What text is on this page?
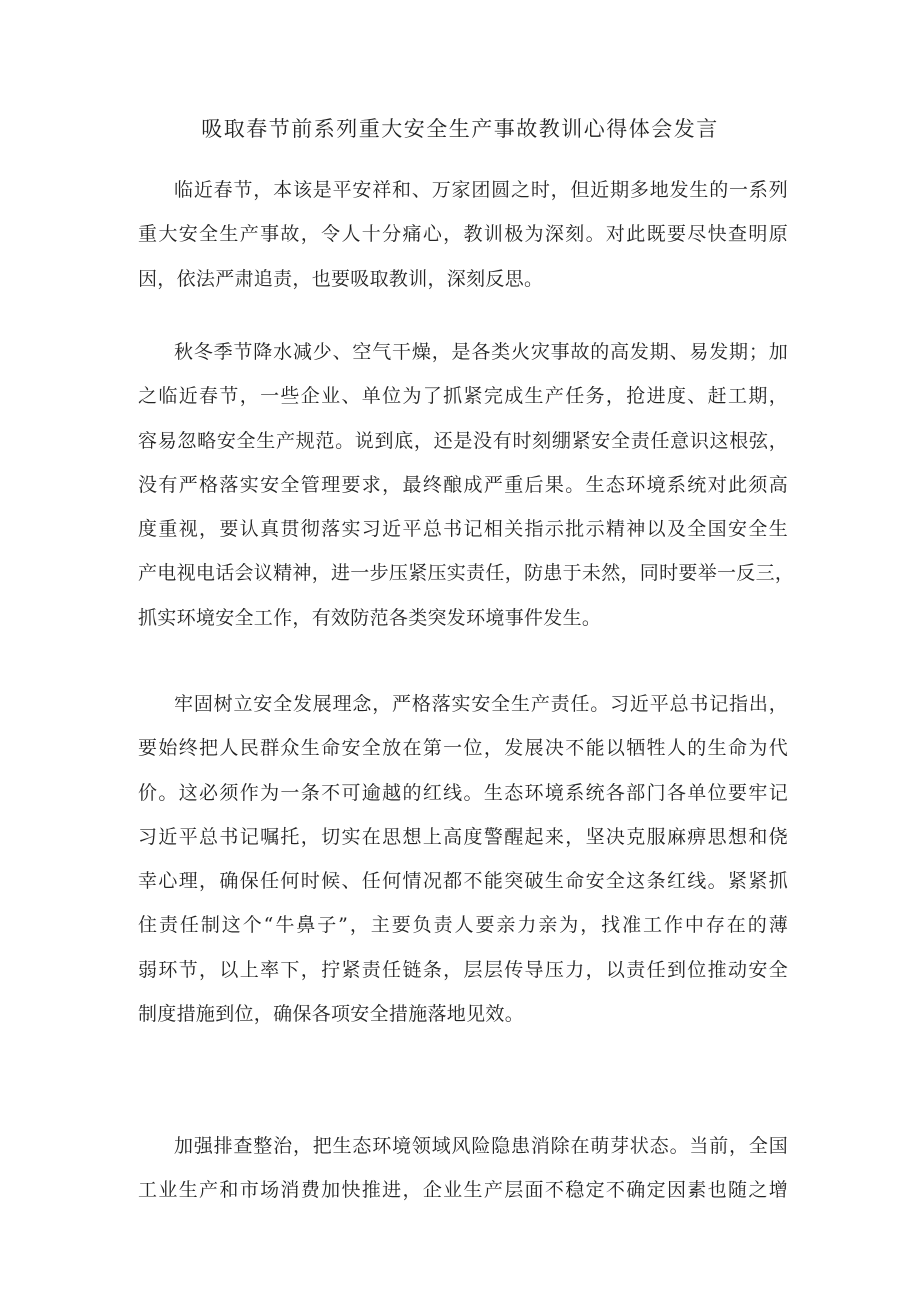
吸取春节前系列重大安全生产事故教训心得体会发言
临近春节，本该是平安祥和、万家团圆之时，但近期多地发生的一系列
重大安全生产事故，令人十分痛心，教训极为深刻。对此既要尽快查明原
因，依法严肃追责，也要吸取教训，深刻反思。
秋冬季节降水减少、空气干燥，是各类火灾事故的高发期、易发期；加
之临近春节，一些企业、单位为了抓紧完成生产任务，抢进度、赶工期，
容易忽略安全生产规范。说到底，还是没有时刻绷紧安全责任意识这根弦，
没有严格落实安全管理要求，最终酿成严重后果。生态环境系统对此须高
度重视，要认真贯彻落实习近平总书记相关指示批示精神以及全国安全生
产电视电话会议精神，进一步压紧压实责任，防患于未然，同时要举一反三，
抓实环境安全工作，有效防范各类突发环境事件发生。
牢固树立安全发展理念，严格落实安全生产责任。习近平总书记指出，
要始终把人民群众生命安全放在第一位，发展决不能以牺牲人的生命为代
价。这必须作为一条不可逾越的红线。生态环境系统各部门各单位要牢记
习近平总书记嘱托，切实在思想上高度警醒起来，坚决克服麻痹思想和侥
幸心理，确保任何时候、任何情况都不能突破生命安全这条红线。紧紧抓
住责任制这个“牛鼻子”，主要负责人要亲力亲为，找准工作中存在的薄
弱环节，以上率下，拧紧责任链条，层层传导压力，以责任到位推动安全
制度措施到位，确保各项安全措施落地见效。
加强排查整治，把生态环境领域风险隐患消除在萌芽状态。当前，全国
工业生产和市场消费加快推进，企业生产层面不稳定不确定因素也随之增
